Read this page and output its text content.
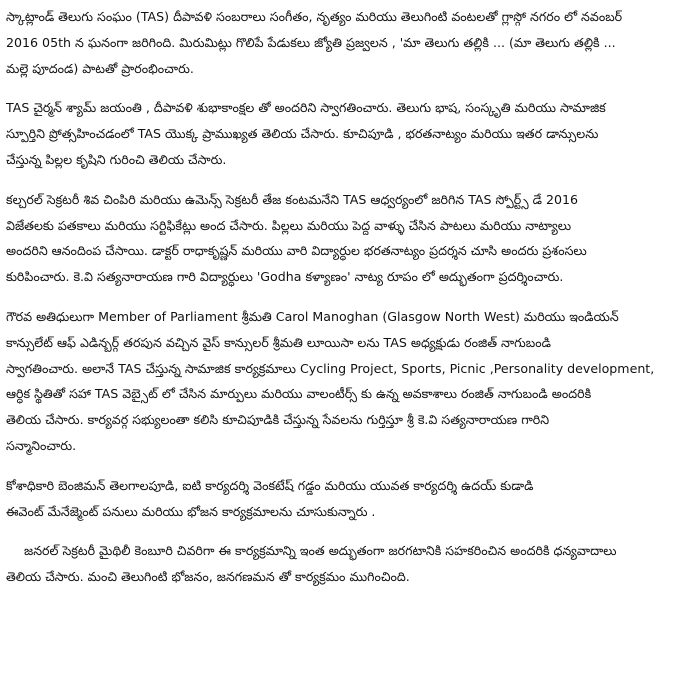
స్కాట్లాండ్ తెలుగు సంఘం (TAS) దీపావళి సంబరాలు సంగీతం, నృత్యం మరియు తెలుగింటి వంటలతో గ్లాస్గో నగరం లో నవంబర్
2016 05th న ఘనంగా జరిగింది. మిరుమిట్లు గొలిపే పేడుకలు జ్యోతి ప్రజ్వలన , 'మా తెలుగు తల్లికి ... (మా తెలుగు తల్లికి ...
మల్లె పూదండ) పాటతో ప్రారంభించారు.

TAS చైర్మన్ శ్యామ్ జయంతి , దీపావళి శుభాకాంక్షల తో అందరిని స్వాగతించారు. తెలుగు భాష, సంస్కృతి మరియు సామాజిక
స్పూర్తిని ప్రోత్సహించడంలో TAS యొక్క ప్రాముఖ్యత తెలియ చేసారు. కూచిపూడి , భరతనాట్యం మరియు ఇతర డాన్సులను
చేస్తున్న పిల్లల కృషిని గురించి తెలియ చేసారు.

కల్చరల్ సెక్రటరీ శివ చింపిరి మరియు ఉమెన్స్ సెక్రటరీ తేజ కంటమనేని TAS ఆధ్వర్యంలో జరిగిన TAS స్పోర్ట్స్ డే 2016
విజేతలకు పతకాలు మరియు సర్టిఫికేట్లు అంద చేసారు. పిల్లలు మరియు పెద్ద వాళ్ళు చేసిన పాటలు మరియు నాట్యాలు
అందరిని ఆనందింప చేసాయి. డాక్టర్ రాధాకృష్ణన్ మరియు వారి విద్యార్ధుల భరతనాట్యం ప్రదర్శన చూసి అందరు ప్రశంసలు
కురిపించారు. కె.వి సత్యనారాయణ గారి విద్యార్ధులు 'Godha కళ్యాణం' నాట్య రూపం లో అద్భుతంగా ప్రదర్శించారు.

గౌరవ అతిధులుగా Member of Parliament శ్రీమతి Carol Manoghan (Glasgow North West) మరియు ఇండియన్
కాన్సులేట్ ఆఫ్ ఎడిన్బర్గ్ తరపున వచ్చిన వైస్ కాన్సులర్ శ్రీమతి లూయిసా లను TAS అధ్యక్షుడు రంజిత్ నాగుబండి
స్వాగతించారు. అలానే TAS చేస్తున్న సామాజిక కార్యక్రమాలు Cycling Project, Sports, Picnic ,Personality development,
ఆర్ధిక స్థితితో సహా TAS వెబ్సైట్ లో చేసిన మార్పులు మరియు వాలంటీర్స్ కు ఉన్న అవకాశాలు రంజిత్ నాగుబండి అందరికి
తెలియ చేసారు. కార్యవర్గ సభ్యులంతా కలిసి కూచిపూడికి చేస్తున్న సేవలను గుర్తిస్తూ శ్రీ కె.వి సత్యనారాయణ గారిని
సన్మానించారు.

కోశాధికారి బెంజిమన్ తెలగాలపూడి, ఐటి కార్యదర్శి వెంకటేష్ గడ్డం మరియు యువత కార్యదర్శి ఉదయ్ కుడాడి
ఈవెంట్ మేనేజ్మెంట్ పనులు మరియు భోజన కార్యక్రమాలను చూసుకున్నారు .

జనరల్ సెక్రటరీ మైథిలీ కెంబూరి చివరిగా ఈ కార్యక్రమాన్ని ఇంత అద్భుతంగా జరగటానికి సహకరించిన అందరికి ధన్యవాదాలు
తెలియ చేసారు. మంచి తెలుగింటి భోజనం, జనగణమన తో కార్యక్రమం ముగించింది.
